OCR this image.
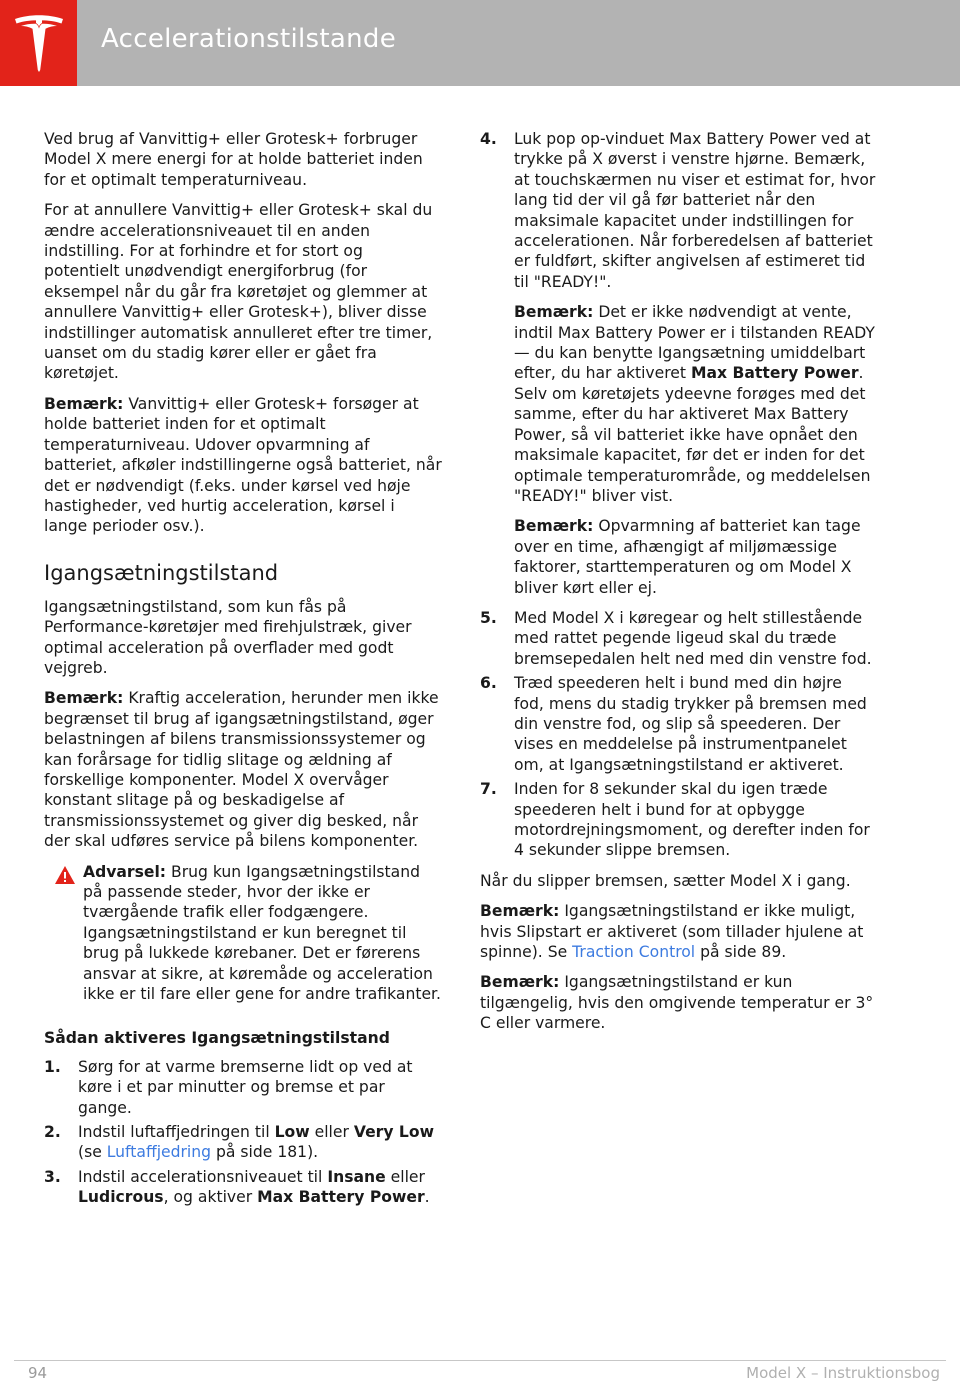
Accelerationstilstande

Ved brug af Vanvittig+ eller Grotesk+ forbruger Model X mere energi for at holde batteriet inden for et optimalt temperaturniveau.

For at annullere Vanvittig+ eller Grotesk+ skal du ændre accelerationsniveauet til en anden indstilling. For at forhindre et for stort og potentielt unødvendigt energiforbrug (for eksempel når du går fra køretøjet og glemmer at annullere Vanvittig+ eller Grotesk+), bliver disse indstillinger automatisk annulleret efter tre timer, uanset om du stadig kører eller er gået fra køretøjet.

Bemærk: Vanvittig+ eller Grotesk+ forsøger at holde batteriet inden for et optimalt temperaturniveau. Udover opvarmning af batteriet, afkøler indstillingerne også batteriet, når det er nødvendigt (f.eks. under kørsel ved høje hastigheder, ved hurtig acceleration, kørsel i lange perioder osv.).

Igangsætningstilstand

Igangsætningstilstand, som kun fås på Performance-køretøjer med firehjulstræk, giver optimal acceleration på overflader med godt vejgreb.

Bemærk: Kraftig acceleration, herunder men ikke begrænset til brug af igangsætningstilstand, øger belastningen af bilens transmissionssystemer og kan forårsage for tidlig slitage og ældning af forskellige komponenter. Model X overvåger konstant slitage på og beskadigelse af transmissionssystemet og giver dig besked, når der skal udføres service på bilens komponenter.

Advarsel: Brug kun Igangsætningstilstand på passende steder, hvor der ikke er tværgående trafik eller fodgængere. Igangsætningstilstand er kun beregnet til brug på lukkede kørebaner. Det er førerens ansvar at sikre, at køremåde og acceleration ikke er til fare eller gene for andre trafikanter.
Sådan aktiveres Igangsætningstilstand
1. Sørg for at varme bremserne lidt op ved at køre i et par minutter og bremse et par gange.
2. Indstil luftaffjedringen til Low eller Very Low (se Luftaffjedring på side 181).
3. Indstil accelerationsniveauet til Insane eller Ludicrous, og aktiver Max Battery Power.
4. Luk pop op-vinduet Max Battery Power ved at trykke på X øverst i venstre hjørne. Bemærk, at touchskærmen nu viser et estimat for, hvor lang tid der vil gå før batteriet når den maksimale kapacitet under indstillingen for accelerationen. Når forberedelsen af batteriet er fuldført, skifter angivelsen af estimeret tid til "READY!".

Bemærk: Det er ikke nødvendigt at vente, indtil Max Battery Power er i tilstanden READY — du kan benytte Igangsætning umiddelbart efter, du har aktiveret Max Battery Power. Selv om køretøjets ydeevne forøges med det samme, efter du har aktiveret Max Battery Power, så vil batteriet ikke have opnået den maksimale kapacitet, før det er inden for det optimale temperaturområde, og meddelelsen "READY!" bliver vist.

Bemærk: Opvarmning af batteriet kan tage over en time, afhængigt af miljømæssige faktorer, starttemperaturen og om Model X bliver kørt eller ej.

5. Med Model X i køregear og helt stillestående med rattet pegende ligeud skal du træde bremsepedalen helt ned med din venstre fod.
6. Træd speederen helt i bund med din højre fod, mens du stadig trykker på bremsen med din venstre fod, og slip så speederen. Der vises en meddelelse på instrumentpanelet om, at Igangsætningstilstand er aktiveret.
7. Inden for 8 sekunder skal du igen træde speederen helt i bund for at opbygge motordrejningsmoment, og derefter inden for 4 sekunder slippe bremsen.

Når du slipper bremsen, sætter Model X i gang.

Bemærk: Igangsætningstilstand er ikke muligt, hvis Slipstart er aktiveret (som tillader hjulene at spinne). Se Traction Control på side 89.

Bemærk: Igangsætningstilstand er kun tilgængelig, hvis den omgivende temperatur er 3° C eller varmere.

94	Model X – Instruktionsbog
